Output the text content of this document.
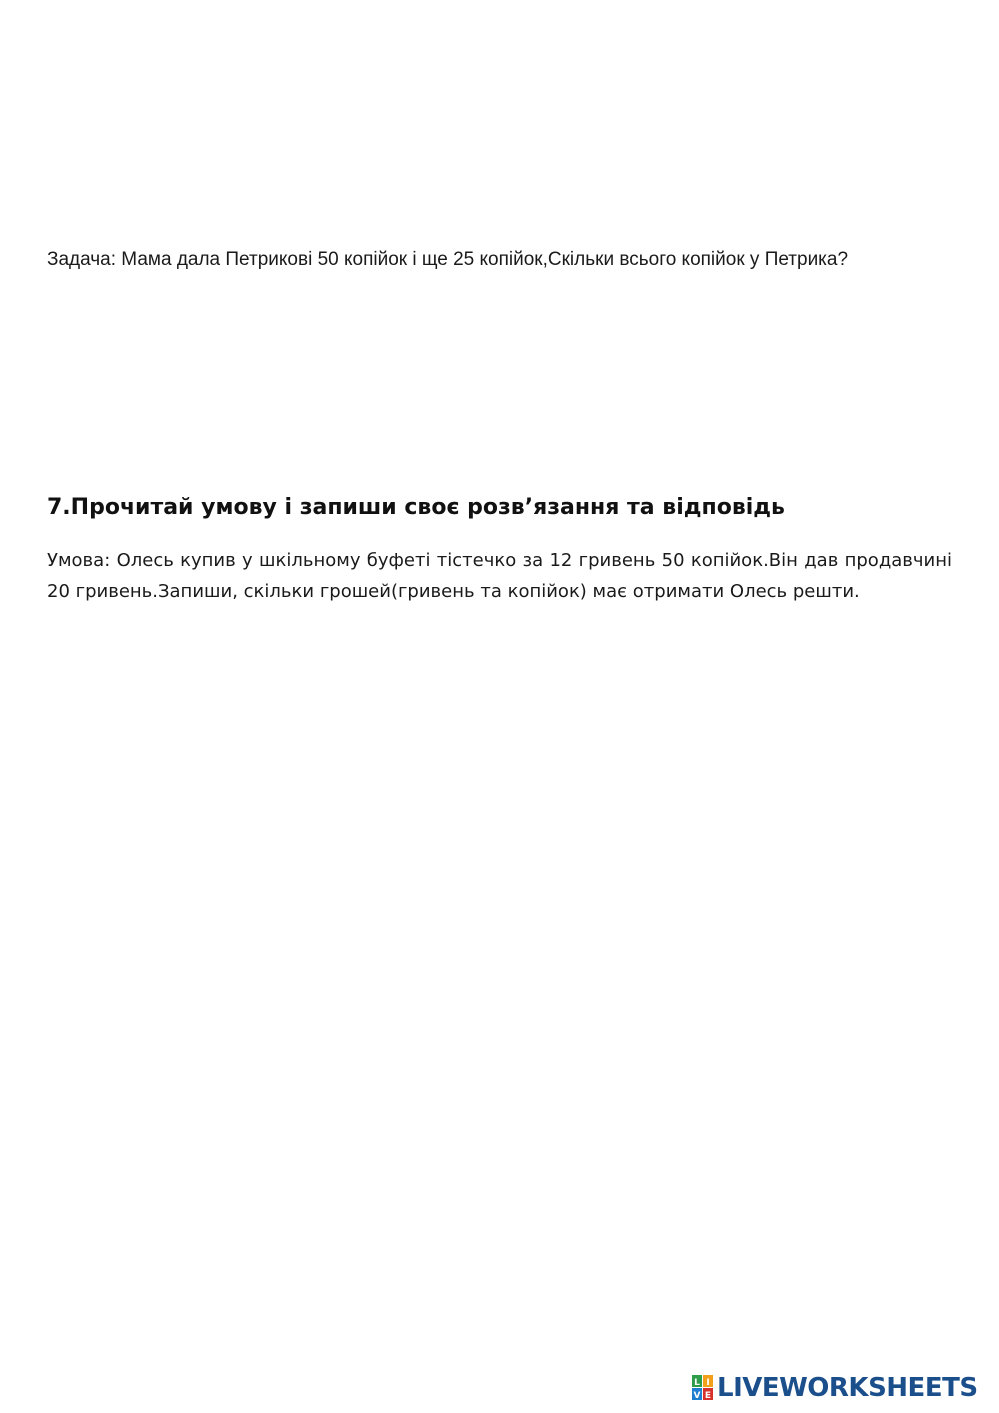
Задача: Мама дала Петрикові 50 копійок і ще 25 копійок,Скільки всього копійок у Петрика?
7.Прочитай умову і запиши своє розв’язання та відповідь
Умова: Олесь купив у шкільному буфеті тістечко за 12 гривень 50 копійок.Він дав продавчині 20 гривень.Запиши, скільки грошей(гривень та копійок) має отримати Олесь решти.
L I
V E LIVEWORKSHEETS
